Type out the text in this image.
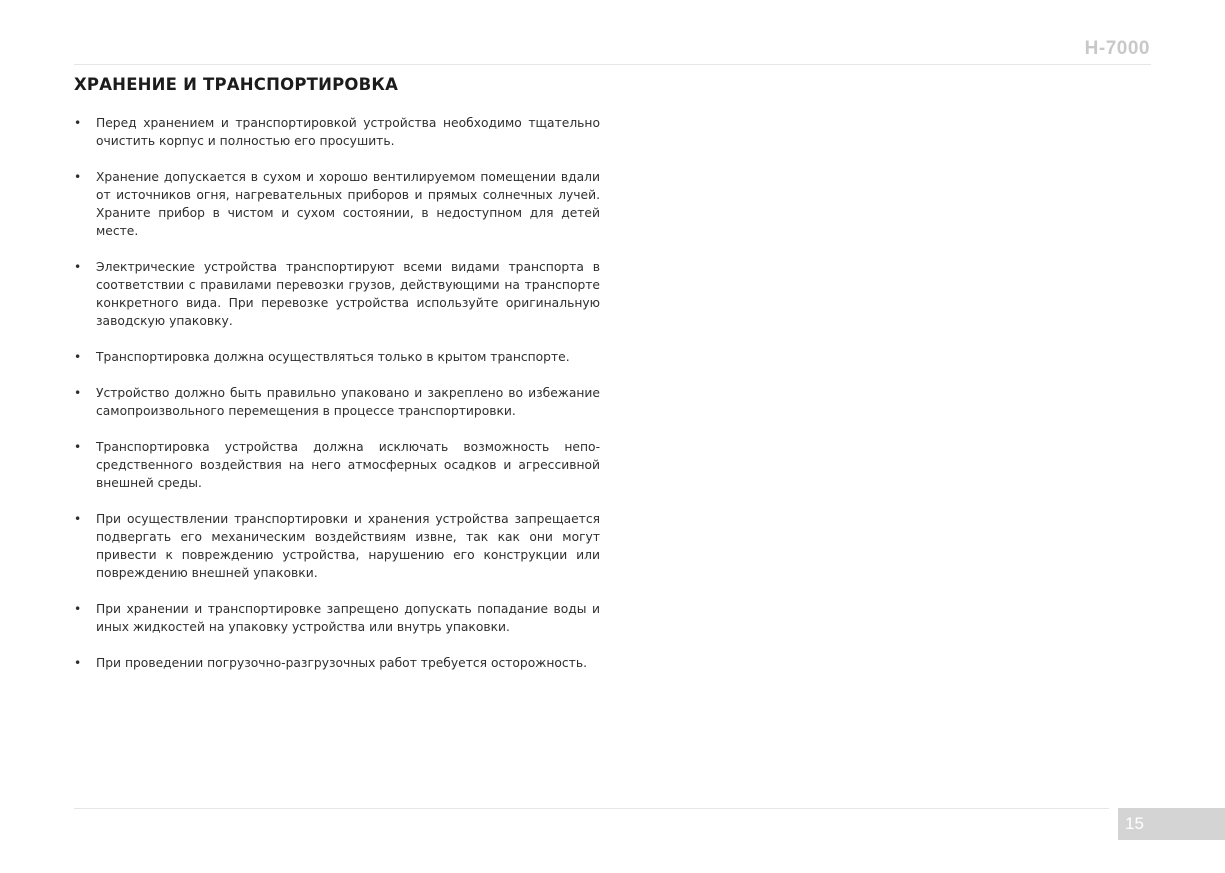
H-7000
ХРАНЕНИЕ И ТРАНСПОРТИРОВКА
• Перед хранением и транспортировкой устройства необходимо тщательно очистить корпус и полностью его просушить.
• Хранение допускается в сухом и хорошо вентилируемом помещении вдали от источников огня, нагревательных приборов и прямых солнечных лучей. Храните прибор в чистом и сухом состоянии, в недоступном для детей месте.
• Электрические устройства транспортируют всеми видами транспорта в соответствии с правилами перевозки грузов, действующими на транспорте конкретного вида. При перевозке устройства используйте оригинальную заводскую упаковку.
• Транспортировка должна осуществляться только в крытом транспорте.
• Устройство должно быть правильно упаковано и закреплено во избежание самопроизвольного перемещения в процессе транспортировки.
• Транспортировка устройства должна исключать возможность непосредственного воздействия на него атмосферных осадков и агрессивной внешней среды.
• При осуществлении транспортировки и хранения устройства запрещается подвергать его механическим воздействиям извне, так как они могут привести к повреждению устройства, нарушению его конструкции или повреждению внешней упаковки.
• При хранении и транспортировке запрещено допускать попадание воды и иных жидкостей на упаковку устройства или внутрь упаковки.
• При проведении погрузочно-разгрузочных работ требуется осторожность.
15
